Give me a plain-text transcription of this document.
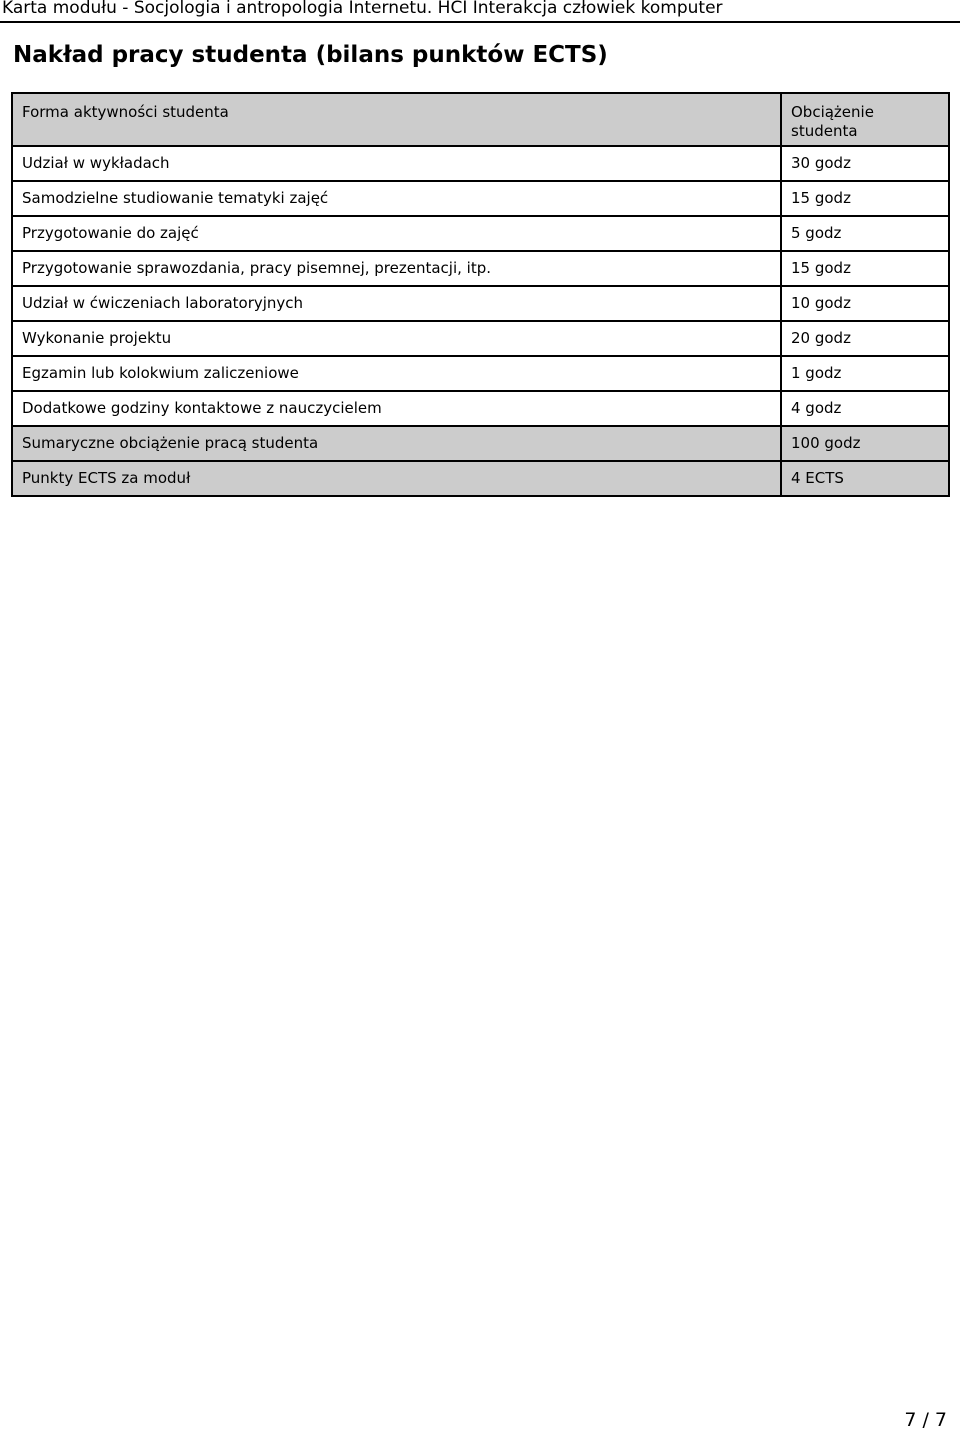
Karta modułu - Socjologia i antropologia Internetu. HCI Interakcja człowiek komputer
Nakład pracy studenta (bilans punktów ECTS)
Forma aktywności studenta	Obciążenie studenta
Udział w wykładach	30 godz
Samodzielne studiowanie tematyki zajęć	15 godz
Przygotowanie do zajęć	5 godz
Przygotowanie sprawozdania, pracy pisemnej, prezentacji, itp.	15 godz
Udział w ćwiczeniach laboratoryjnych	10 godz
Wykonanie projektu	20 godz
Egzamin lub kolokwium zaliczeniowe	1 godz
Dodatkowe godziny kontaktowe z nauczycielem	4 godz
Sumaryczne obciążenie pracą studenta	100 godz
Punkty ECTS za moduł	4 ECTS
7 / 7
